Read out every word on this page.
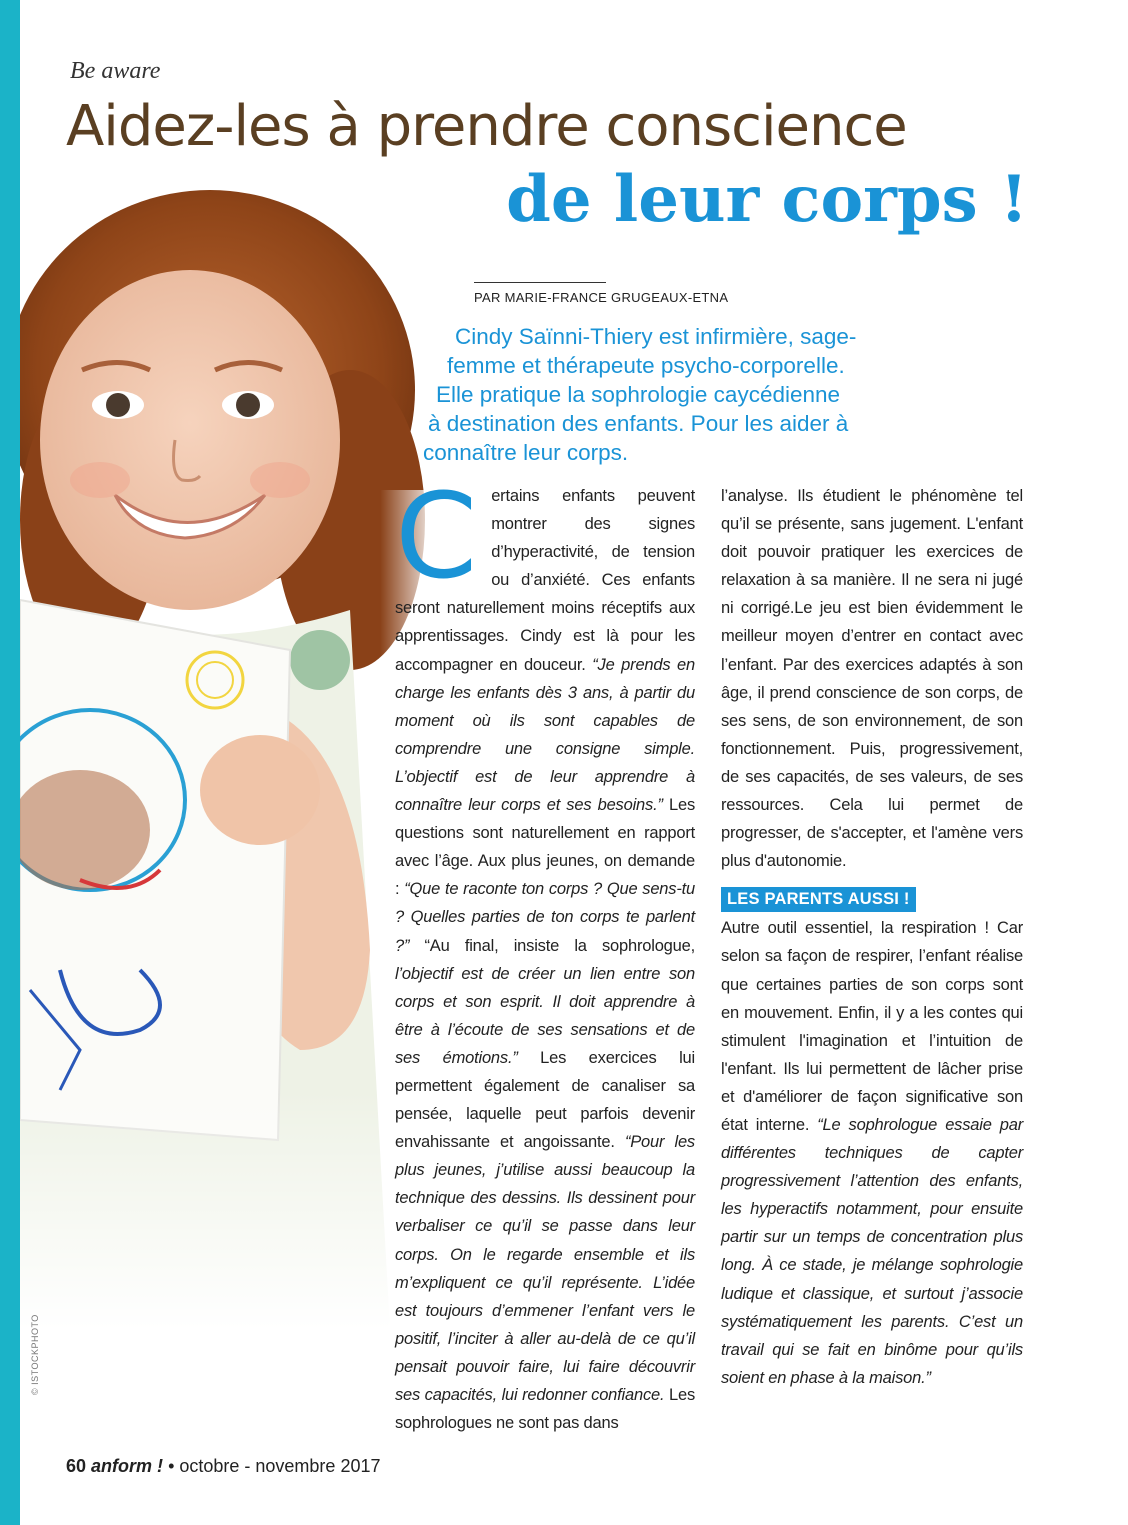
Be aware
Aidez-les à prendre conscience
de leur corps !
PAR MARIE-FRANCE GRUGEAUX-ETNA
Cindy Saïnni-Thiery est infirmière, sage-
femme et thérapeute psycho-corporelle.
Elle pratique la sophrologie caycédienne
à destination des enfants. Pour les aider à
connaître leur corps.
C ertains enfants peuvent montrer des signes d’hyperactivité, de tension ou d’anxiété. Ces enfants seront naturellement moins réceptifs aux apprentissages. Cindy est là pour les accompagner en douceur. “Je prends en charge les enfants dès 3 ans, à partir du moment où ils sont capables de comprendre une consigne simple. L’objectif est de leur apprendre à connaître leur corps et ses besoins.” Les questions sont naturellement en rapport avec l’âge. Aux plus jeunes, on demande : “Que te raconte ton corps ? Que sens-tu ? Quelles parties de ton corps te parlent ?” “Au final, insiste la sophrologue, l’objectif est de créer un lien entre son corps et son esprit. Il doit apprendre à être à l’écoute de ses sensations et de ses émotions.” Les exercices lui permettent également de canaliser sa pensée, laquelle peut parfois devenir envahissante et angoissante. “Pour les plus jeunes, j’utilise aussi beaucoup la technique des dessins. Ils dessinent pour verbaliser ce qu’il se passe dans leur corps. On le regarde ensemble et ils m’expliquent ce qu’il représente. L’idée est toujours d’emmener l’enfant vers le positif, l’inciter à aller au-delà de ce qu’il pensait pouvoir faire, lui faire découvrir ses capacités, lui redonner confiance. Les sophrologues ne sont pas dans

l’analyse. Ils étudient le phénomène tel qu’il se présente, sans jugement. L'enfant doit pouvoir pratiquer les exercices de relaxation à sa manière. Il ne sera ni jugé ni corrigé.Le jeu est bien évidemment le meilleur moyen d’entrer en contact avec l’enfant. Par des exercices adaptés à son âge, il prend conscience de son corps, de ses sens, de son environnement, de son fonctionnement. Puis, progressivement, de ses capacités, de ses valeurs, de ses ressources. Cela lui permet de progresser, de s'accepter, et l'amène vers plus d'autonomie.

LES PARENTS AUSSI !

Autre outil essentiel, la respiration ! Car selon sa façon de respirer, l’enfant réalise que certaines parties de son corps sont en mouvement. Enfin, il y a les contes qui stimulent l'imagination et l’intuition de l'enfant. Ils lui permettent de lâcher prise et d'améliorer de façon significative son état interne. “Le sophrologue essaie par différentes techniques de capter progressivement l’attention des enfants, les hyperactifs notamment, pour ensuite partir sur un temps de concentration plus long. À ce stade, je mélange sophrologie ludique et classique, et surtout j’associe systématiquement les parents. C’est un travail qui se fait en binôme pour qu’ils soient en phase à la maison.”

© ISTOCKPHOTO
60 anform ! • octobre - novembre 2017
